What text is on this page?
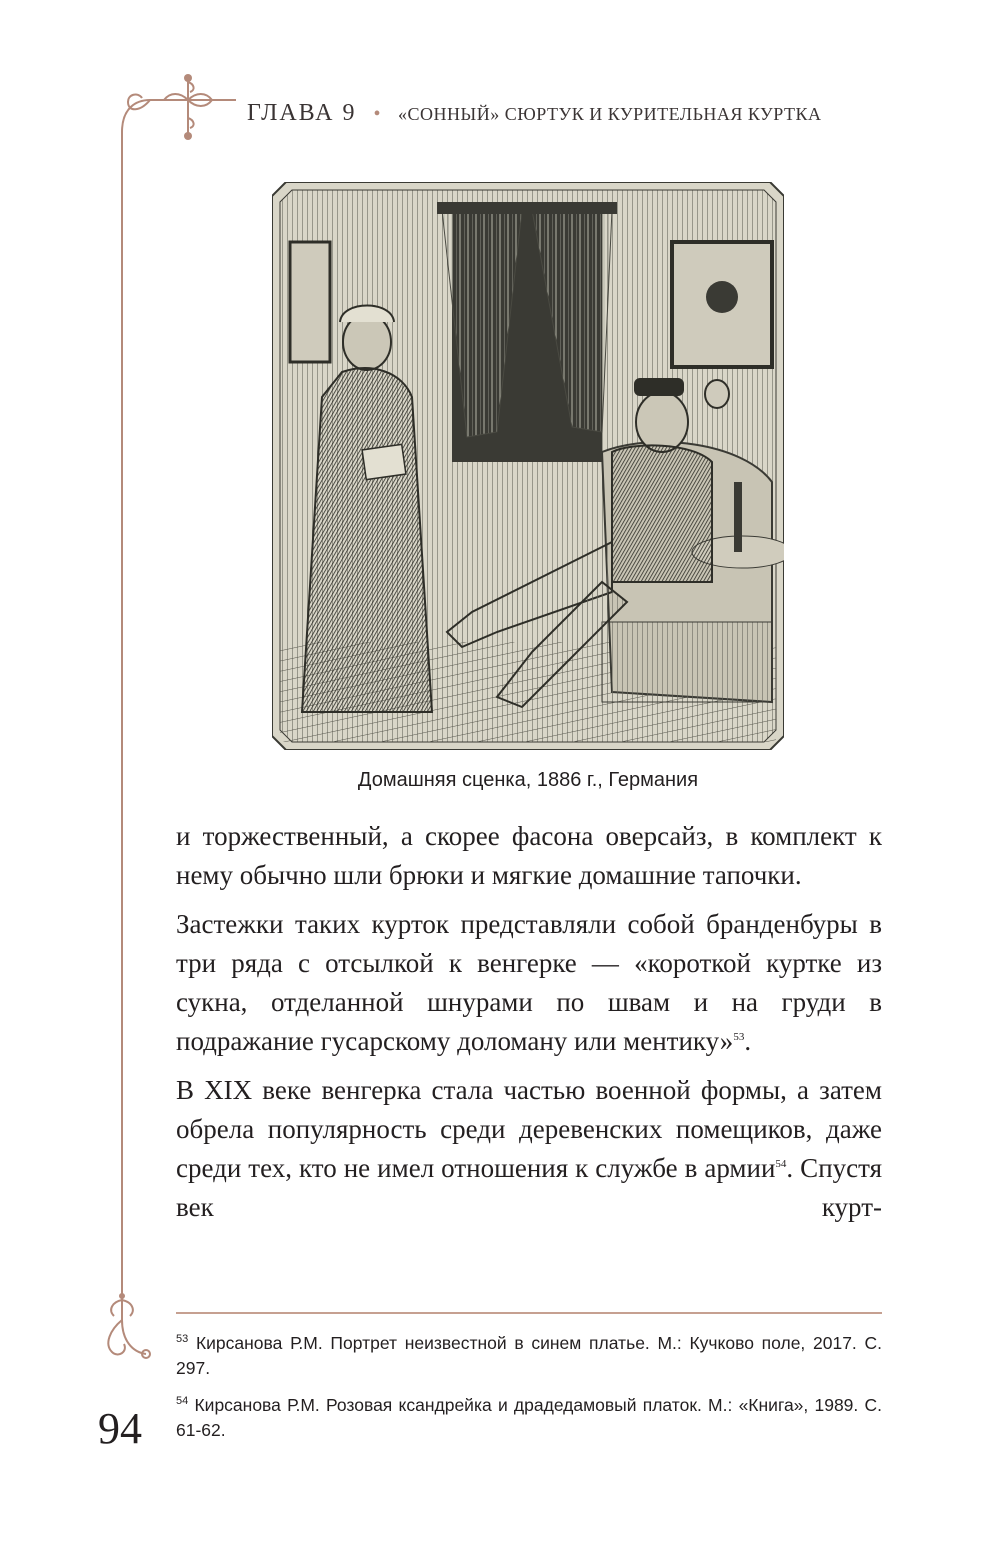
ГЛАВА 9 • «СОННЫЙ» СЮРТУК И КУРИТЕЛЬНАЯ КУРТКА
Домашняя сценка, 1886 г., Германия

и торжественный, а скорее фасона оверсайз, в комплект к нему обычно шли брюки и мягкие домашние тапочки.

Застежки таких курток представляли собой бранденбуры в три ряда с отсылкой к венгерке — «короткой куртке из сукна, отделанной шнурами по швам и на груди в подражание гусарскому доломану или ментику»$^{53}$.

В XIX веке венгерка стала частью военной формы, а затем обрела популярность среди деревенских помещиков, даже среди тех, кто не имел отношения к службе в армии$^{54}$. Спустя век курт-

$^{53}$ Кирсанова Р.М. Портрет неизвестной в синем платье. М.: Кучково поле, 2017. С. 297.

$^{54}$ Кирсанова Р.М. Розовая ксандрейка и драдедамовый платок. М.: «Книга», 1989. С. 61-62.

94
